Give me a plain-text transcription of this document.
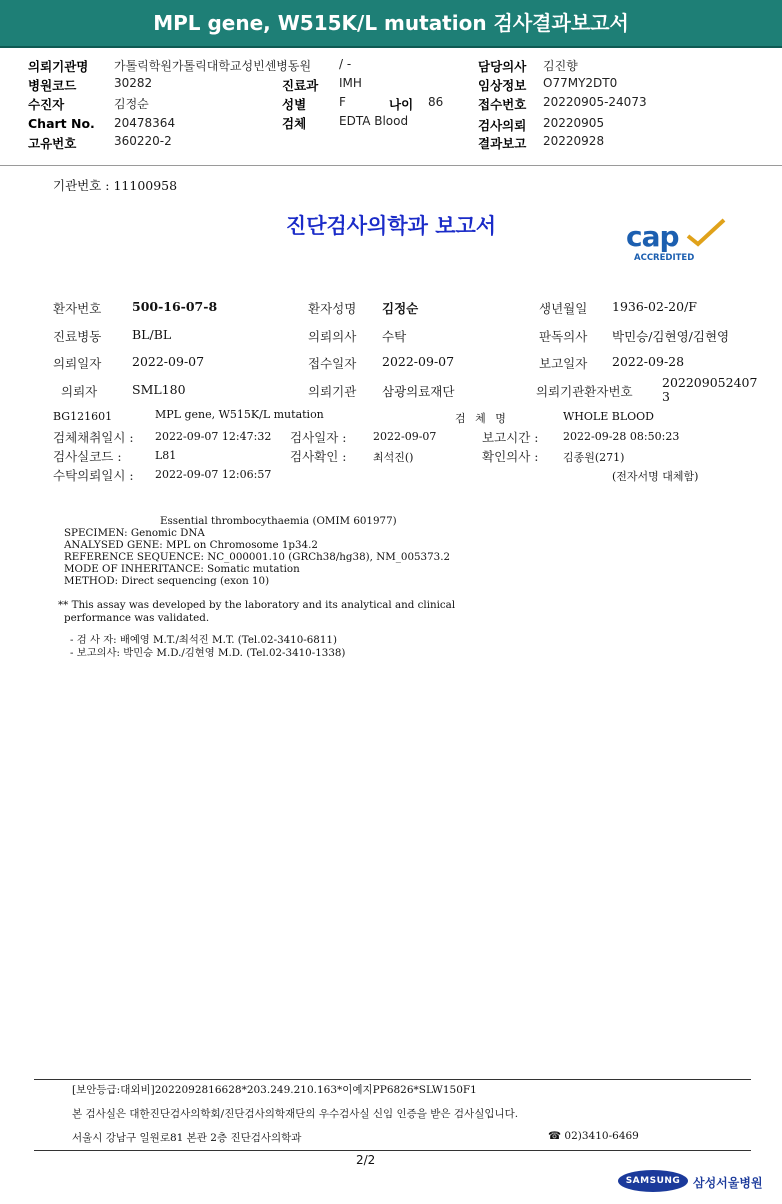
MPL gene, W515K/L mutation 검사결과보고서
의뢰기관명 가톨릭학원가톨릭대학교성빈센병동원 / -	담당의사 김진향
병원코드	30282	진료과 IMH	임상정보 O77MY2DT0
수진자	김정순	성별	F	나이 86	접수번호 20220905-24073
Chart No. 20478364	검체	EDTA Blood	검사의뢰 20220905
고유번호	360220-2	결과보고 20220928
기관번호 : 11100958
진단검사의학과 보고서	cap
ACCREDITED
환자번호 500-16-07-8	환자성명 김정순	생년월일 1936-02-20/F
진료병동 BL/BL	의뢰의사 수탁	판독의사 박민승/김현영/김현영
의뢰일자 2022-09-07	접수일자 2022-09-07	보고일자 2022-09-28
의뢰자	SML180	의뢰기관 삼광의료재단	의뢰기관환자번호
202209052407
3
BG121601	MPL gene, W515K/L mutation	검 체 명	WHOLE BLOOD
검체채취일시 : 2022-09-07 12:47:32 검사일자 : 2022-09-07	보고시간 : 2022-09-28 08:50:23
검사실코드 :	L81	검사확인 : 최석진()	확인의사 : 김종원(271)
수탁의뢰일시 : 2022-09-07 12:06:57	(전자서명 대체함)
Essential thrombocythaemia (OMIM 601977)
SPECIMEN: Genomic DNA
ANALYSED GENE: MPL on Chromosome 1p34.2
REFERENCE SEQUENCE: NC_000001.10 (GRCh38/hg38), NM_005373.2
MODE OF INHERITANCE: Somatic mutation
METHOD: Direct sequencing (exon 10)
** This assay was developed by the laboratory and its analytical and clinical
performance was validated.
- 검 사 자: 배예영 M.T./최석진 M.T. (Tel.02-3410-6811)
- 보고의사: 박민승 M.D./김현영 M.D. (Tel.02-3410-1338)
[보안등급:대외비]2022092816628*203.249.210.163*이예지PP6826*SLW150F1
본 검사실은 대한진단검사의학회/진단검사의학재단의 우수검사실 신임 인증을 받은 검사실입니다.
서울시 강남구 일원로81 본관 2층 진단검사의학과	☎ 02)3410-6469
2/2
SAMSUNG	삼성서울병원
